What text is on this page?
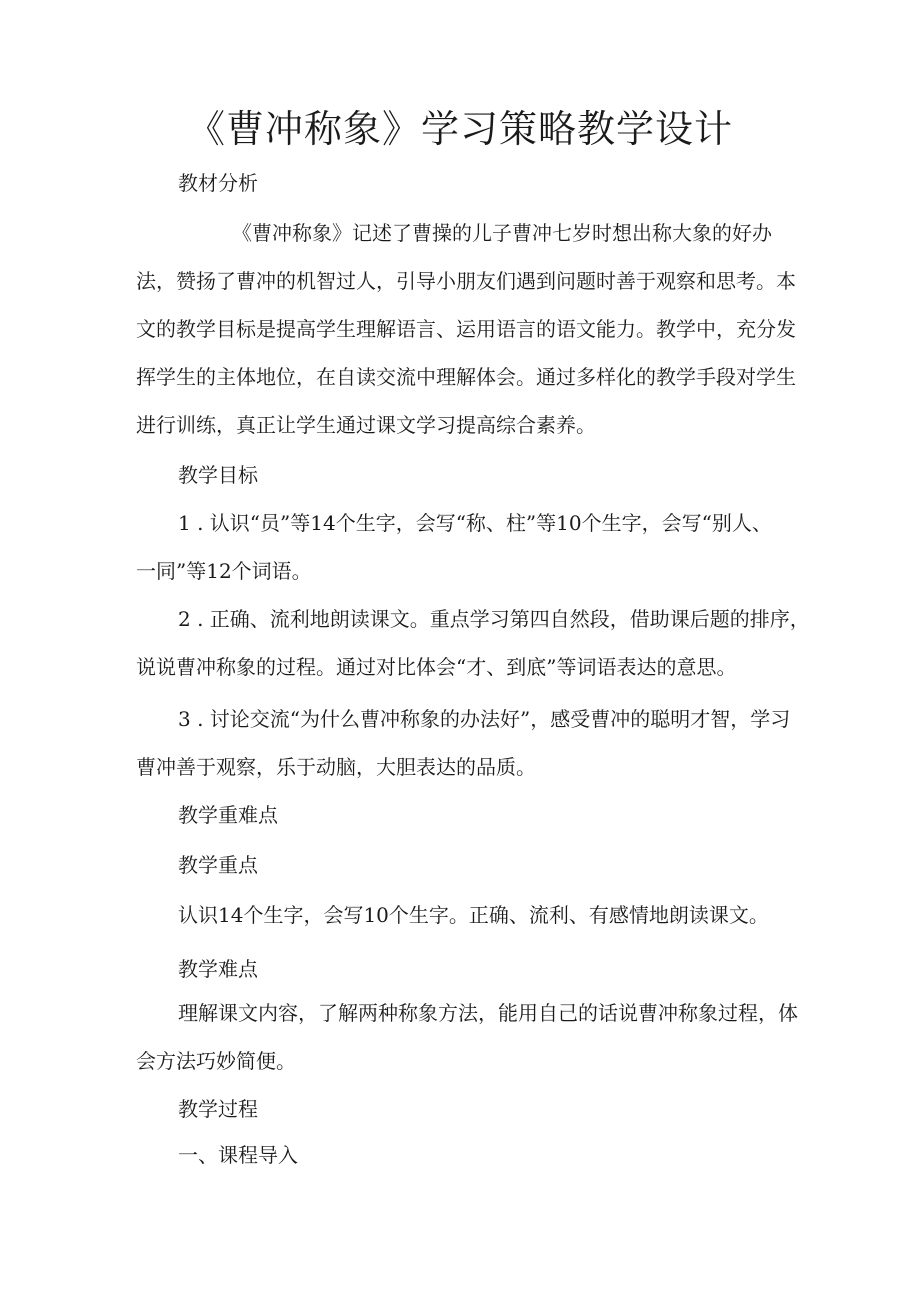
《曹冲称象》学习策略教学设计
教材分析
《曹冲称象》记述了曹操的儿子曹冲七岁时想出称大象的好办
法，赞扬了曹冲的机智过人，引导小朋友们遇到问题时善于观察和思考。本
文的教学目标是提高学生理解语言、运用语言的语文能力。教学中，充分发
挥学生的主体地位，在自读交流中理解体会。通过多样化的教学手段对学生
进行训练，真正让学生通过课文学习提高综合素养。
教学目标
1 . 认识“员”等14个生字，会写“称、柱”等10个生字，会写“别人、
一同”等12个词语。
2 . 正确、流利地朗读课文。重点学习第四自然段，借助课后题的排序，
说说曹冲称象的过程。通过对比体会“才、到底”等词语表达的意思。
3 . 讨论交流“为什么曹冲称象的办法好”，感受曹冲的聪明才智，学习
曹冲善于观察，乐于动脑，大胆表达的品质。
教学重难点
教学重点
认识14个生字，会写10个生字。正确、流利、有感情地朗读课文。
教学难点
理解课文内容，了解两种称象方法，能用自己的话说曹冲称象过程，体
会方法巧妙简便。
教学过程
一、课程导入
